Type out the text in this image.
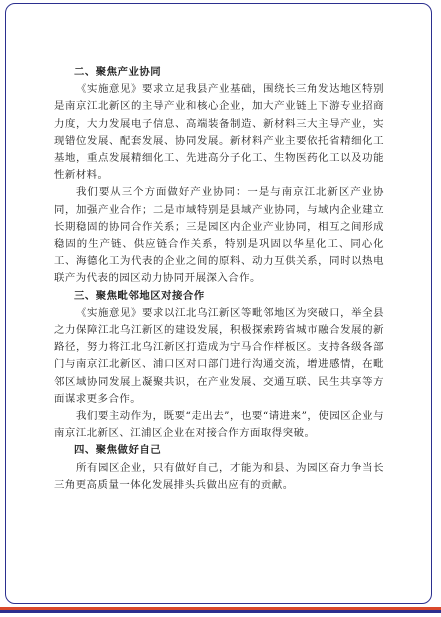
二、聚焦产业协同

《实施意见》要求立足我县产业基础，围绕长三角发达地区特别是南京江北新区的主导产业和核心企业，加大产业链上下游专业招商力度，大力发展电子信息、高端装备制造、新材料三大主导产业，实现错位发展、配套发展、协同发展。新材料产业主要依托省精细化工基地，重点发展精细化工、先进高分子化工、生物医药化工以及功能性新材料。

我们要从三个方面做好产业协同：一是与南京江北新区产业协同，加强产业合作；二是市域特别是县域产业协同，与域内企业建立长期稳固的协同合作关系；三是园区内企业产业协同，相互之间形成稳固的生产链、供应链合作关系，特别是巩固以华星化工、同心化工、海德化工为代表的企业之间的原料、动力互供关系，同时以热电联产为代表的园区动力协同开展深入合作。

三、聚焦毗邻地区对接合作

《实施意见》要求以江北乌江新区等毗邻地区为突破口，举全县之力保障江北乌江新区的建设发展，积极探索跨省城市融合发展的新路径，努力将江北乌江新区打造成为宁马合作样板区。支持各级各部门与南京江北新区、浦口区对口部门进行沟通交流，增进感情，在毗邻区域协同发展上凝聚共识，在产业发展、交通互联、民生共享等方面谋求更多合作。

我们要主动作为，既要“走出去”，也要“请进来”，使园区企业与南京江北新区、江浦区企业在对接合作方面取得突破。

四、聚焦做好自己

所有园区企业，只有做好自己，才能为和县、为园区奋力争当长三角更高质量一体化发展排头兵做出应有的贡献。
